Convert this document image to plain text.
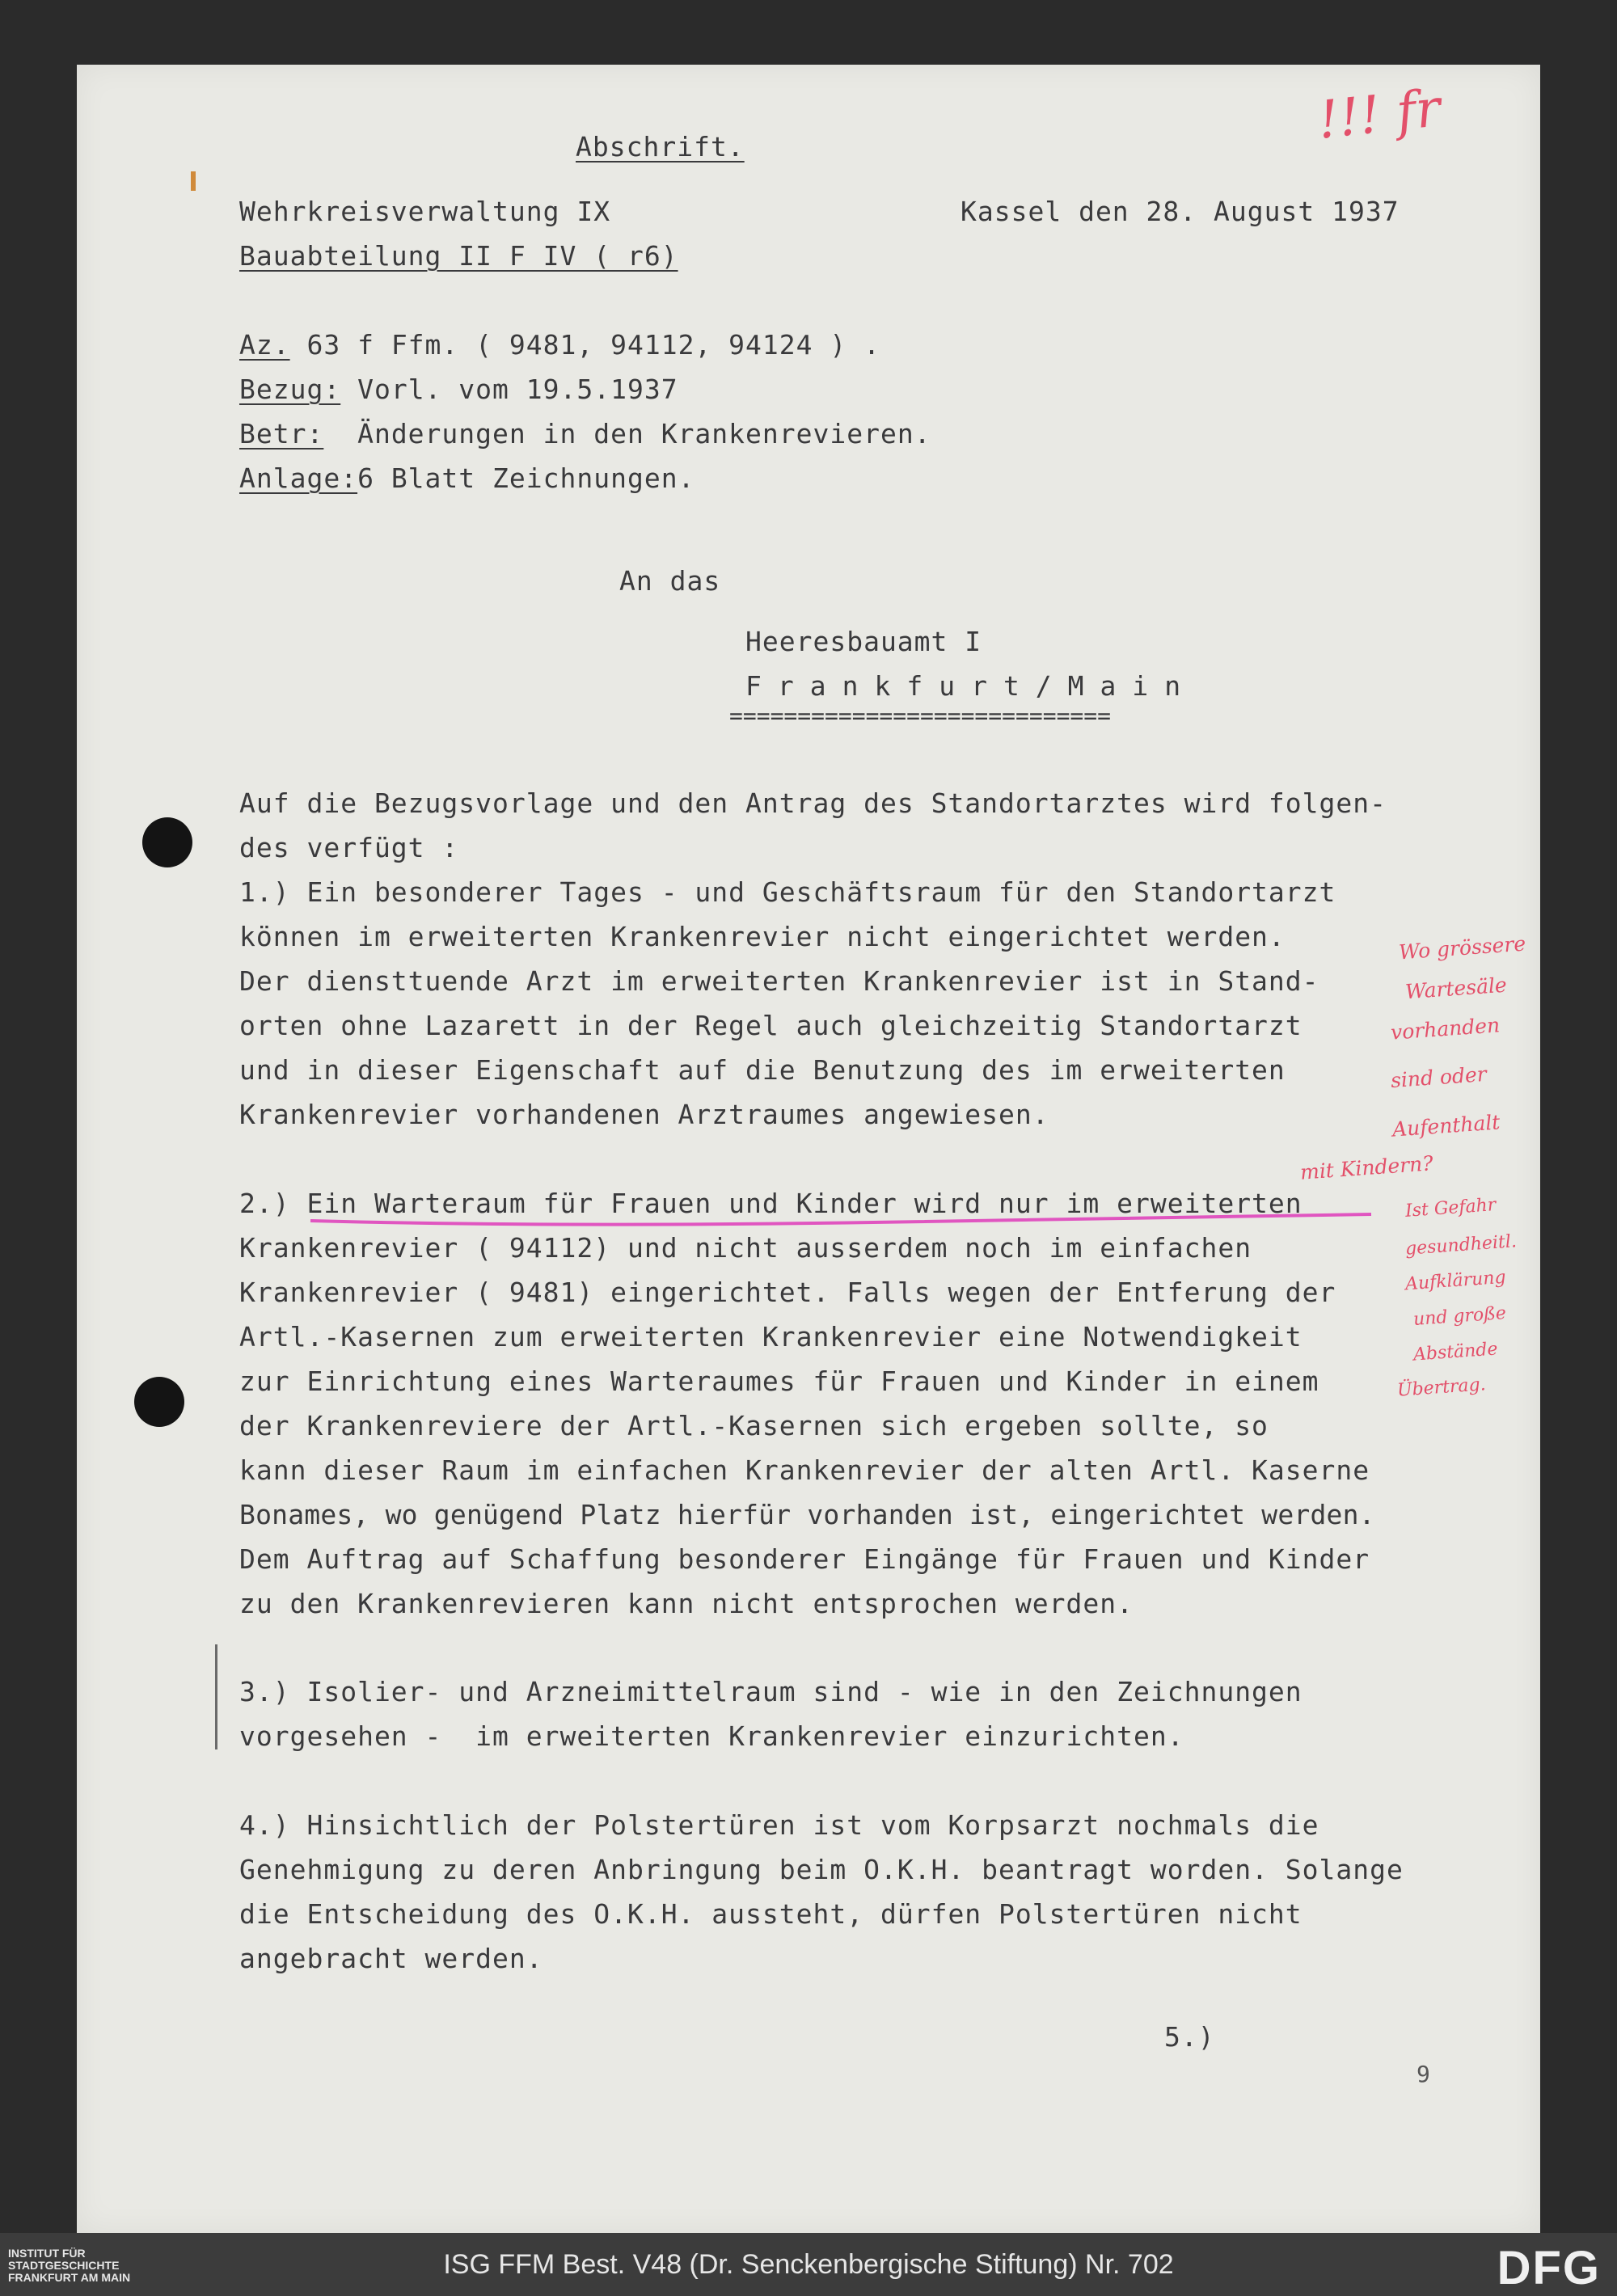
!!! fr
Abschrift.
Wehrkreisverwaltung IX
Bauabteilung II F IV ( r6)
Kassel den 28. August 1937
Az. 63 f Ffm. ( 9481, 94112, 94124 ) .
Bezug: Vorl. vom 19.5.1937
Betr:  Änderungen in den Krankenrevieren.
Anlage:6 Blatt Zeichnungen.
An das
Heeresbauamt I
Frankfurt/Main
============================
Auf die Bezugsvorlage und den Antrag des Standortarztes wird folgen-
des verfügt :
1.) Ein besonderer Tages - und Geschäftsraum für den Standortarzt
können im erweiterten Krankenrevier nicht eingerichtet werden.
Der diensttuende Arzt im erweiterten Krankenrevier ist in Stand-
orten ohne Lazarett in der Regel auch gleichzeitig Standortarzt
und in dieser Eigenschaft auf die Benutzung des im erweiterten
Krankenrevier vorhandenen Arztraumes angewiesen.
2.) Ein Warteraum für Frauen und Kinder wird nur im erweiterten
Krankenrevier ( 94112) und nicht ausserdem noch im einfachen
Krankenrevier ( 9481) eingerichtet. Falls wegen der Entferung der
Artl.-Kasernen zum erweiterten Krankenrevier eine Notwendigkeit
zur Einrichtung eines Warteraumes für Frauen und Kinder in einem
der Krankenreviere der Artl.-Kasernen sich ergeben sollte, so
kann dieser Raum im einfachen Krankenrevier der alten Artl. Kaserne
Bonames, wo genügend Platz hierfür vorhanden ist, eingerichtet werden.
Dem Auftrag auf Schaffung besonderer Eingänge für Frauen und Kinder
zu den Krankenrevieren kann nicht entsprochen werden.
3.) Isolier- und Arzneimittelraum sind - wie in den Zeichnungen
vorgesehen -  im erweiterten Krankenrevier einzurichten.
4.) Hinsichtlich der Polstertüren ist vom Korpsarzt nochmals die
Genehmigung zu deren Anbringung beim O.K.H. beantragt worden. Solange
die Entscheidung des O.K.H. aussteht, dürfen Polstertüren nicht
angebracht werden.
5.)
9
Wo grössere
Wartesäle
vorhanden
sind oder
Aufenthalt
mit Kindern?
Ist Gefahr
gesundheitl.
Aufklärung
und große
Abstände
Übertrag.
INSTITUT FÜR
STADTGESCHICHTE
FRANKFURT AM MAIN	ISG FFM Best. V48 (Dr. Senckenbergische Stiftung) Nr. 702	DFG
